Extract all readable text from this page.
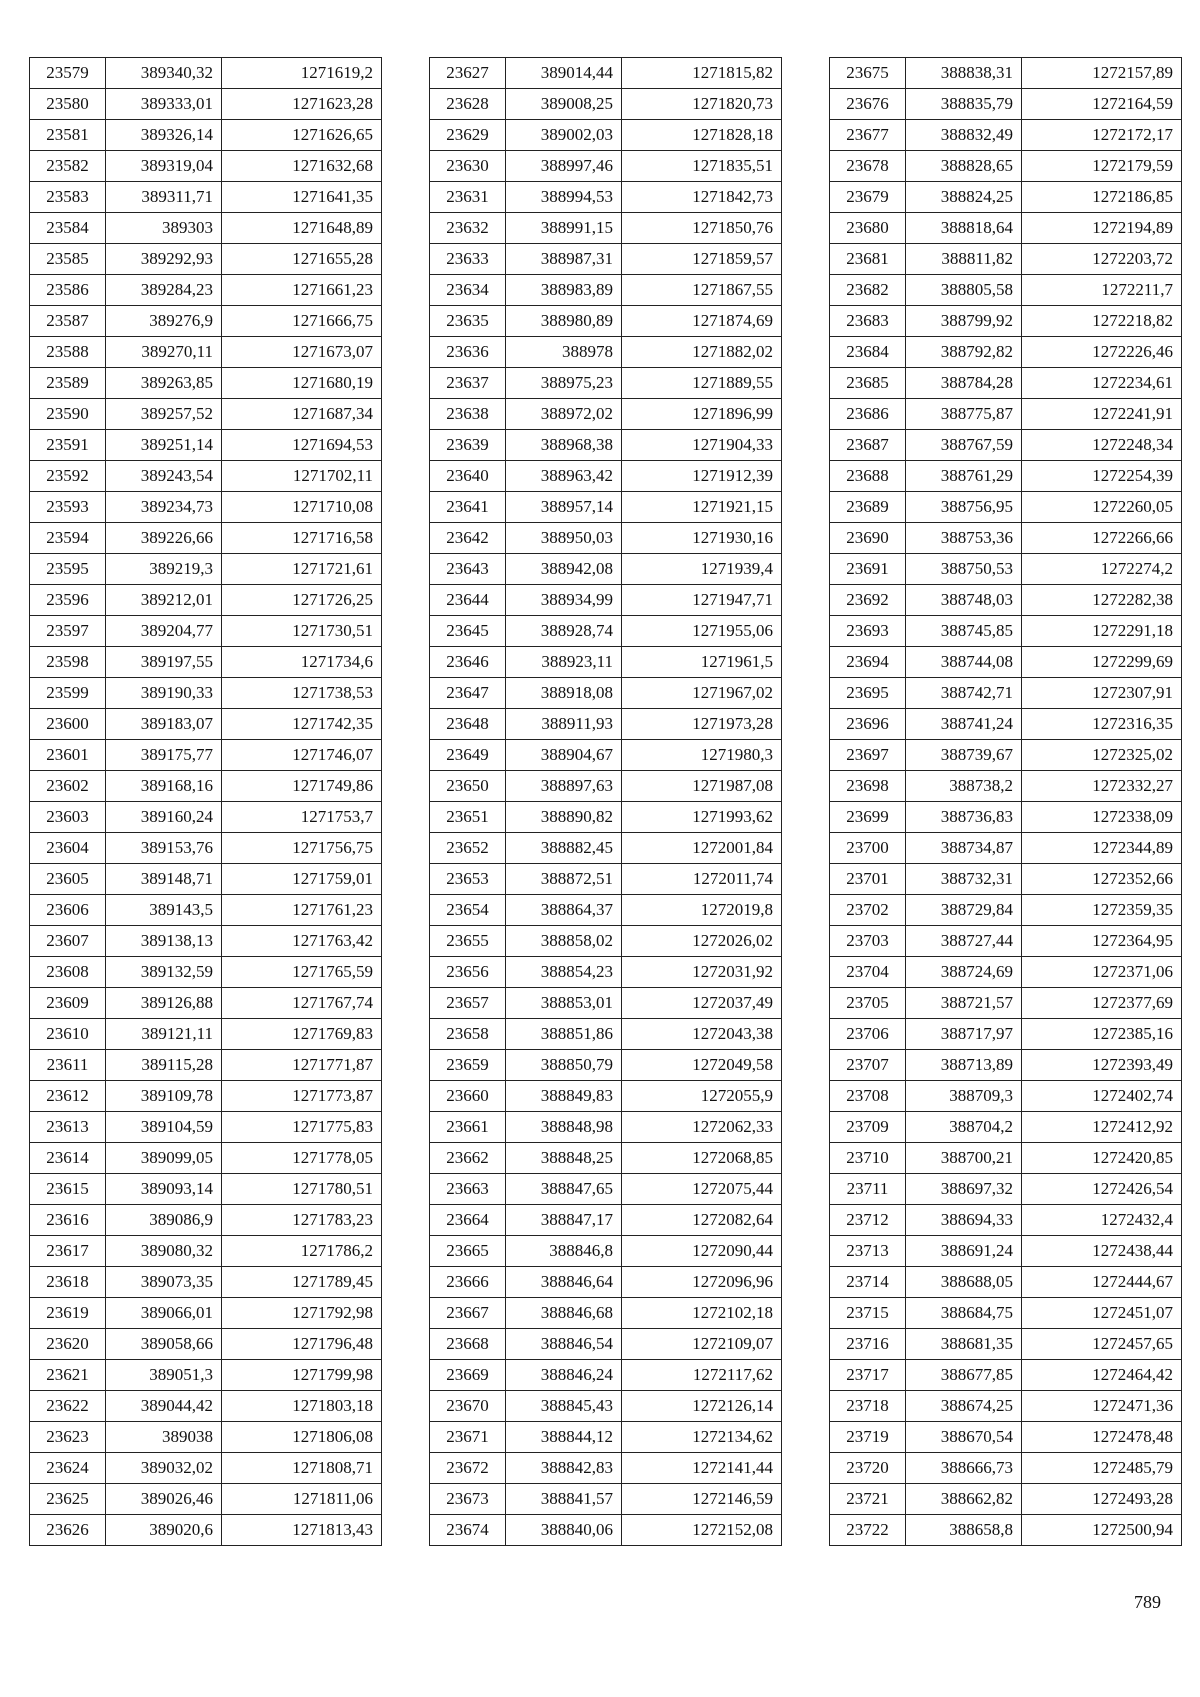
23579	389340,32	1271619,2
23580	389333,01	1271623,28
23581	389326,14	1271626,65
23582	389319,04	1271632,68
23583	389311,71	1271641,35
23584	389303	1271648,89
23585	389292,93	1271655,28
23586	389284,23	1271661,23
23587	389276,9	1271666,75
23588	389270,11	1271673,07
23589	389263,85	1271680,19
23590	389257,52	1271687,34
23591	389251,14	1271694,53
23592	389243,54	1271702,11
23593	389234,73	1271710,08
23594	389226,66	1271716,58
23595	389219,3	1271721,61
23596	389212,01	1271726,25
23597	389204,77	1271730,51
23598	389197,55	1271734,6
23599	389190,33	1271738,53
23600	389183,07	1271742,35
23601	389175,77	1271746,07
23602	389168,16	1271749,86
23603	389160,24	1271753,7
23604	389153,76	1271756,75
23605	389148,71	1271759,01
23606	389143,5	1271761,23
23607	389138,13	1271763,42
23608	389132,59	1271765,59
23609	389126,88	1271767,74
23610	389121,11	1271769,83
23611	389115,28	1271771,87
23612	389109,78	1271773,87
23613	389104,59	1271775,83
23614	389099,05	1271778,05
23615	389093,14	1271780,51
23616	389086,9	1271783,23
23617	389080,32	1271786,2
23618	389073,35	1271789,45
23619	389066,01	1271792,98
23620	389058,66	1271796,48
23621	389051,3	1271799,98
23622	389044,42	1271803,18
23623	389038	1271806,08
23624	389032,02	1271808,71
23625	389026,46	1271811,06
23626	389020,6	1271813,43
23627	389014,44	1271815,82
23628	389008,25	1271820,73
23629	389002,03	1271828,18
23630	388997,46	1271835,51
23631	388994,53	1271842,73
23632	388991,15	1271850,76
23633	388987,31	1271859,57
23634	388983,89	1271867,55
23635	388980,89	1271874,69
23636	388978	1271882,02
23637	388975,23	1271889,55
23638	388972,02	1271896,99
23639	388968,38	1271904,33
23640	388963,42	1271912,39
23641	388957,14	1271921,15
23642	388950,03	1271930,16
23643	388942,08	1271939,4
23644	388934,99	1271947,71
23645	388928,74	1271955,06
23646	388923,11	1271961,5
23647	388918,08	1271967,02
23648	388911,93	1271973,28
23649	388904,67	1271980,3
23650	388897,63	1271987,08
23651	388890,82	1271993,62
23652	388882,45	1272001,84
23653	388872,51	1272011,74
23654	388864,37	1272019,8
23655	388858,02	1272026,02
23656	388854,23	1272031,92
23657	388853,01	1272037,49
23658	388851,86	1272043,38
23659	388850,79	1272049,58
23660	388849,83	1272055,9
23661	388848,98	1272062,33
23662	388848,25	1272068,85
23663	388847,65	1272075,44
23664	388847,17	1272082,64
23665	388846,8	1272090,44
23666	388846,64	1272096,96
23667	388846,68	1272102,18
23668	388846,54	1272109,07
23669	388846,24	1272117,62
23670	388845,43	1272126,14
23671	388844,12	1272134,62
23672	388842,83	1272141,44
23673	388841,57	1272146,59
23674	388840,06	1272152,08
23675	388838,31	1272157,89
23676	388835,79	1272164,59
23677	388832,49	1272172,17
23678	388828,65	1272179,59
23679	388824,25	1272186,85
23680	388818,64	1272194,89
23681	388811,82	1272203,72
23682	388805,58	1272211,7
23683	388799,92	1272218,82
23684	388792,82	1272226,46
23685	388784,28	1272234,61
23686	388775,87	1272241,91
23687	388767,59	1272248,34
23688	388761,29	1272254,39
23689	388756,95	1272260,05
23690	388753,36	1272266,66
23691	388750,53	1272274,2
23692	388748,03	1272282,38
23693	388745,85	1272291,18
23694	388744,08	1272299,69
23695	388742,71	1272307,91
23696	388741,24	1272316,35
23697	388739,67	1272325,02
23698	388738,2	1272332,27
23699	388736,83	1272338,09
23700	388734,87	1272344,89
23701	388732,31	1272352,66
23702	388729,84	1272359,35
23703	388727,44	1272364,95
23704	388724,69	1272371,06
23705	388721,57	1272377,69
23706	388717,97	1272385,16
23707	388713,89	1272393,49
23708	388709,3	1272402,74
23709	388704,2	1272412,92
23710	388700,21	1272420,85
23711	388697,32	1272426,54
23712	388694,33	1272432,4
23713	388691,24	1272438,44
23714	388688,05	1272444,67
23715	388684,75	1272451,07
23716	388681,35	1272457,65
23717	388677,85	1272464,42
23718	388674,25	1272471,36
23719	388670,54	1272478,48
23720	388666,73	1272485,79
23721	388662,82	1272493,28
23722	388658,8	1272500,94
789
